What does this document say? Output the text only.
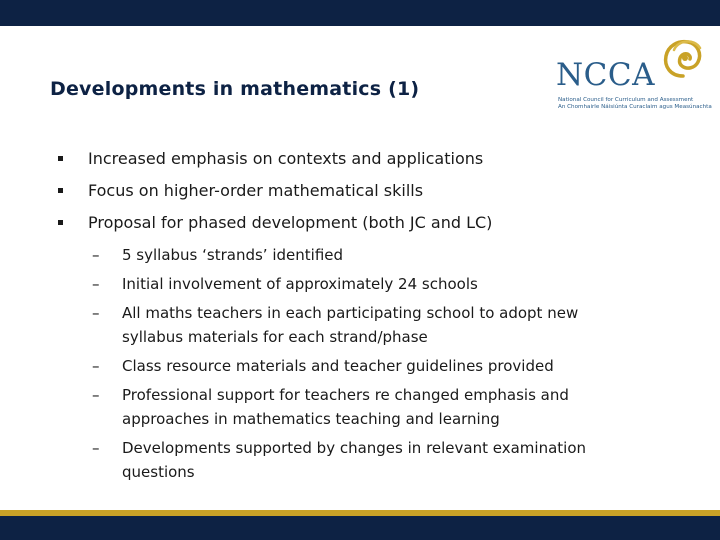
Developments in mathematics (1)	NCCA
National Council for Curriculum and Assessment
An Chomhairle Náisiúnta Curaclaim agus Measúnachta
Increased emphasis on contexts and applications
Focus on higher-order mathematical skills
Proposal for phased development (both JC and LC)
– 5 syllabus ‘strands’ identified
– Initial involvement of approximately 24 schools
– All maths teachers in each participating school to adopt new syllabus materials for each strand/phase
– Class resource materials and teacher guidelines provided
– Professional support for teachers re changed emphasis and approaches in mathematics teaching and learning
– Developments supported by changes in relevant examination questions
